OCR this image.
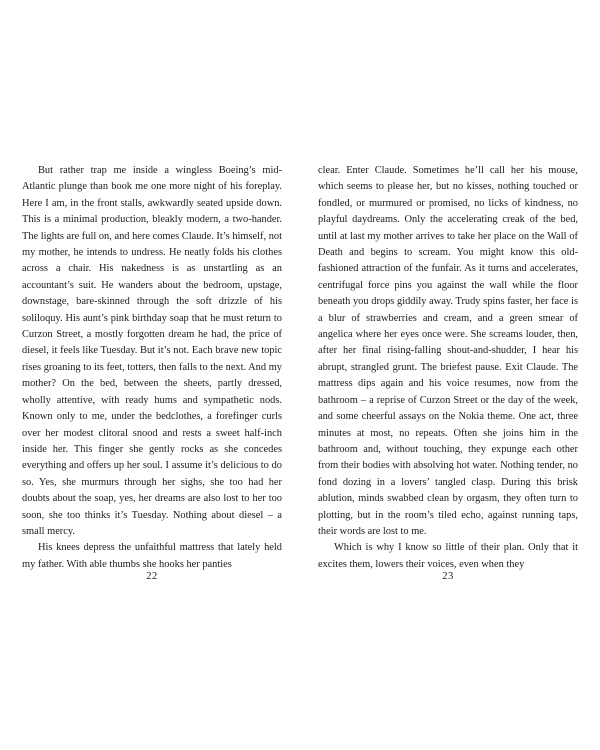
But rather trap me inside a wingless Boeing’s mid-Atlantic plunge than book me one more night of his foreplay. Here I am, in the front stalls, awkwardly seated upside down. This is a minimal production, bleakly modern, a two-hander. The lights are full on, and here comes Claude. It’s himself, not my mother, he intends to undress. He neatly folds his clothes across a chair. His nakedness is as unstartling as an accountant’s suit. He wanders about the bedroom, upstage, downstage, bare-skinned through the soft drizzle of his soliloquy. His aunt’s pink birthday soap that he must return to Curzon Street, a mostly forgotten dream he had, the price of diesel, it feels like Tuesday. But it’s not. Each brave new topic rises groaning to its feet, totters, then falls to the next. And my mother? On the bed, between the sheets, partly dressed, wholly attentive, with ready hums and sympathetic nods. Known only to me, under the bedclothes, a forefinger curls over her modest clitoral snood and rests a sweet half-inch inside her. This finger she gently rocks as she concedes everything and offers up her soul. I assume it’s delicious to do so. Yes, she murmurs through her sighs, she too had her doubts about the soap, yes, her dreams are also lost to her too soon, she too thinks it’s Tuesday. Nothing about diesel – a small mercy.

His knees depress the unfaithful mattress that lately held my father. With able thumbs she hooks her panties

22

clear. Enter Claude. Sometimes he’ll call her his mouse, which seems to please her, but no kisses, nothing touched or fondled, or murmured or promised, no licks of kindness, no playful daydreams. Only the accelerating creak of the bed, until at last my mother arrives to take her place on the Wall of Death and begins to scream. You might know this old-fashioned attraction of the funfair. As it turns and accelerates, centrifugal force pins you against the wall while the floor beneath you drops giddily away. Trudy spins faster, her face is a blur of strawberries and cream, and a green smear of angelica where her eyes once were. She screams louder, then, after her final rising-falling shout-and-shudder, I hear his abrupt, strangled grunt. The briefest pause. Exit Claude. The mattress dips again and his voice resumes, now from the bathroom – a reprise of Curzon Street or the day of the week, and some cheerful assays on the Nokia theme. One act, three minutes at most, no repeats. Often she joins him in the bathroom and, without touching, they expunge each other from their bodies with absolving hot water. Nothing tender, no fond dozing in a lovers’ tangled clasp. During this brisk ablution, minds swabbed clean by orgasm, they often turn to plotting, but in the room’s tiled echo, against running taps, their words are lost to me.

Which is why I know so little of their plan. Only that it excites them, lowers their voices, even when they

23
